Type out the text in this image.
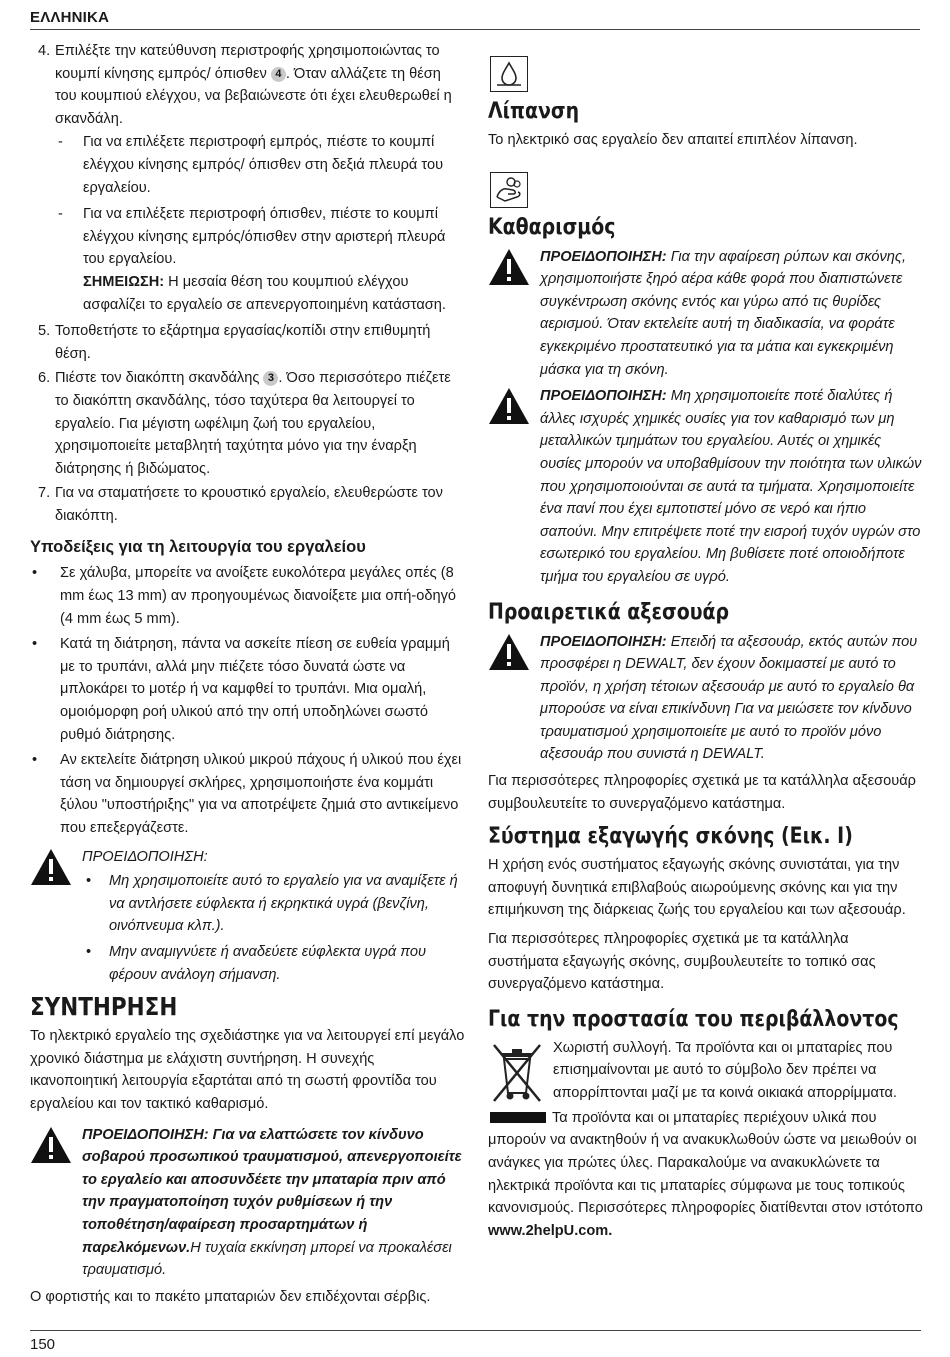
ΕΛΛΗΝΙΚΑ
4. Επιλέξτε την κατεύθυνση περιστροφής χρησιμοποιώντας το κουμπί κίνησης εμπρός/ όπισθεν 4 . Όταν αλλάζετε τη θέση του κουμπιού ελέγχου, να βεβαιώνεστε ότι έχει ελευθερωθεί η σκανδάλη.
- Για να επιλέξετε περιστροφή εμπρός, πιέστε το κουμπί ελέγχου κίνησης εμπρός/ όπισθεν στη δεξιά πλευρά του εργαλείου.
- Για να επιλέξετε περιστροφή όπισθεν, πιέστε το κουμπί ελέγχου κίνησης εμπρός/όπισθεν στην αριστερή πλευρά του εργαλείου.
ΣΗΜΕΙΩΣΗ: Η μεσαία θέση του κουμπιού ελέγχου ασφαλίζει το εργαλείο σε απενεργοποιημένη κατάσταση.
5. Τοποθετήστε το εξάρτημα εργασίας/κοπίδι στην επιθυμητή θέση.
6. Πιέστε τον διακόπτη σκανδάλης 3 . Όσο περισσότερο πιέζετε το διακόπτη σκανδάλης, τόσο ταχύτερα θα λειτουργεί το εργαλείο. Για μέγιστη ωφέλιμη ζωή του εργαλείου, χρησιμοποιείτε μεταβλητή ταχύτητα μόνο για την έναρξη διάτρησης ή βιδώματος.
7. Για να σταματήσετε το κρουστικό εργαλείο, ελευθερώστε τον διακόπτη.
Υποδείξεις για τη λειτουργία του εργαλείου
• Σε χάλυβα, μπορείτε να ανοίξετε ευκολότερα μεγάλες οπές (8 mm έως 13 mm) αν προηγουμένως διανοίξετε μια οπή-οδηγό (4 mm έως 5 mm).
• Κατά τη διάτρηση, πάντα να ασκείτε πίεση σε ευθεία γραμμή με το τρυπάνι, αλλά μην πιέζετε τόσο δυνατά ώστε να μπλοκάρει το μοτέρ ή να καμφθεί το τρυπάνι. Μια ομαλή, ομοιόμορφη ροή υλικού από την οπή υποδηλώνει σωστό ρυθμό διάτρησης.
• Αν εκτελείτε διάτρηση υλικού μικρού πάχους ή υλικού που έχει τάση να δημιουργεί σκλήρες, χρησιμοποιήστε ένα κομμάτι ξύλου "υποστήριξης" για να αποτρέψετε ζημιά στο αντικείμενο που επεξεργάζεστε.

ΠΡΟΕΙΔΟΠΟΙΗΣΗ:

• Μη χρησιμοποιείτε αυτό το εργαλείο για να αναμίξετε ή να αντλήσετε εύφλεκτα ή εκρηκτικά υγρά (βενζίνη, οινόπνευμα κλπ.).
• Μην αναμιγνύετε ή αναδεύετε εύφλεκτα υγρά που φέρουν ανάλογη σήμανση.
ΣΥΝΤΗΡΗΣΗ

Το ηλεκτρικό εργαλείο της σχεδιάστηκε για να λειτουργεί επί μεγάλο χρονικό διάστημα με ελάχιστη συντήρηση. Η συνεχής ικανοποιητική λειτουργία εξαρτάται από τη σωστή φροντίδα του εργαλείου και τον τακτικό καθαρισμό.

ΠΡΟΕΙΔΟΠΟΙΗΣΗ: Για να ελαττώσετε τον κίνδυνο σοβαρού προσωπικού τραυματισμού, απενεργοποιείτε το εργαλείο και αποσυνδέετε την μπαταρία πριν από την πραγματοποίηση τυχόν ρυθμίσεων ή την τοποθέτηση/αφαίρεση προσαρτημάτων ή παρελκόμενων.Η τυχαία εκκίνηση μπορεί να προκαλέσει τραυματισμό.

Ο φορτιστής και το πακέτο μπαταριών δεν επιδέχονται σέρβις.

Λίπανση

Το ηλεκτρικό σας εργαλείο δεν απαιτεί επιπλέον λίπανση.

Καθαρισμός
ΠΡΟΕΙΔΟΠΟΙΗΣΗ: Για την αφαίρεση ρύπων και σκόνης, χρησιμοποιήστε ξηρό αέρα κάθε φορά που διαπιστώνετε συγκέντρωση σκόνης εντός και γύρω από τις θυρίδες αερισμού. Όταν εκτελείτε αυτή τη διαδικασία, να φοράτε εγκεκριμένο προστατευτικό για τα μάτια και εγκεκριμένη μάσκα για τη σκόνη.
ΠΡΟΕΙΔΟΠΟΙΗΣΗ: Μη χρησιμοποιείτε ποτέ διαλύτες ή άλλες ισχυρές χημικές ουσίες για τον καθαρισμό των μη μεταλλικών τμημάτων του εργαλείου. Αυτές οι χημικές ουσίες μπορούν να υποβαθμίσουν την ποιότητα των υλικών που χρησιμοποιούνται σε αυτά τα τμήματα. Χρησιμοποιείτε ένα πανί που έχει εμποτιστεί μόνο σε νερό και ήπιο σαπούνι. Μην επιτρέψετε ποτέ την εισροή τυχόν υγρών στο εσωτερικό του εργαλείου. Μη βυθίσετε ποτέ οποιοδήποτε τμήμα του εργαλείου σε υγρό.
Προαιρετικά αξεσουάρ
ΠΡΟΕΙΔΟΠΟΙΗΣΗ: Επειδή τα αξεσουάρ, εκτός αυτών που προσφέρει η DEWALT, δεν έχουν δοκιμαστεί με αυτό το προϊόν, η χρήση τέτοιων αξεσουάρ με αυτό το εργαλείο θα μπορούσε να είναι επικίνδυνη Για να μειώσετε τον κίνδυνο τραυματισμού χρησιμοποιείτε με αυτό το προϊόν μόνο αξεσουάρ που συνιστά η DEWALT.

Για περισσότερες πληροφορίες σχετικά με τα κατάλληλα αξεσουάρ συμβουλευτείτε το συνεργαζόμενο κατάστημα.

Σύστημα εξαγωγής σκόνης (Εικ. I)

Η χρήση ενός συστήματος εξαγωγής σκόνης συνιστάται, για την αποφυγή δυνητικά επιβλαβούς αιωρούμενης σκόνης και για την επιμήκυνση της διάρκειας ζωής του εργαλείου και των αξεσουάρ.

Για περισσότερες πληροφορίες σχετικά με τα κατάλληλα συστήματα εξαγωγής σκόνης, συμβουλευτείτε το τοπικό σας συνεργαζόμενο κατάστημα.

Για την προστασία του περιβάλλοντος
Χωριστή συλλογή. Τα προϊόντα και οι μπαταρίες που επισημαίνονται με αυτό το σύμβολο δεν πρέπει να απορρίπτονται μαζί με τα κοινά οικιακά απορρίμματα.

Τα προϊόντα και οι μπαταρίες περιέχουν υλικά που μπορούν να ανακτηθούν ή να ανακυκλωθούν ώστε να μειωθούν οι ανάγκες για πρώτες ύλες. Παρακαλούμε να ανακυκλώνετε τα ηλεκτρικά προϊόντα και τις μπαταρίες σύμφωνα με τους τοπικούς κανονισμούς. Περισσότερες πληροφορίες διατίθενται στον ιστότοπο www.2helpU.com.

150
